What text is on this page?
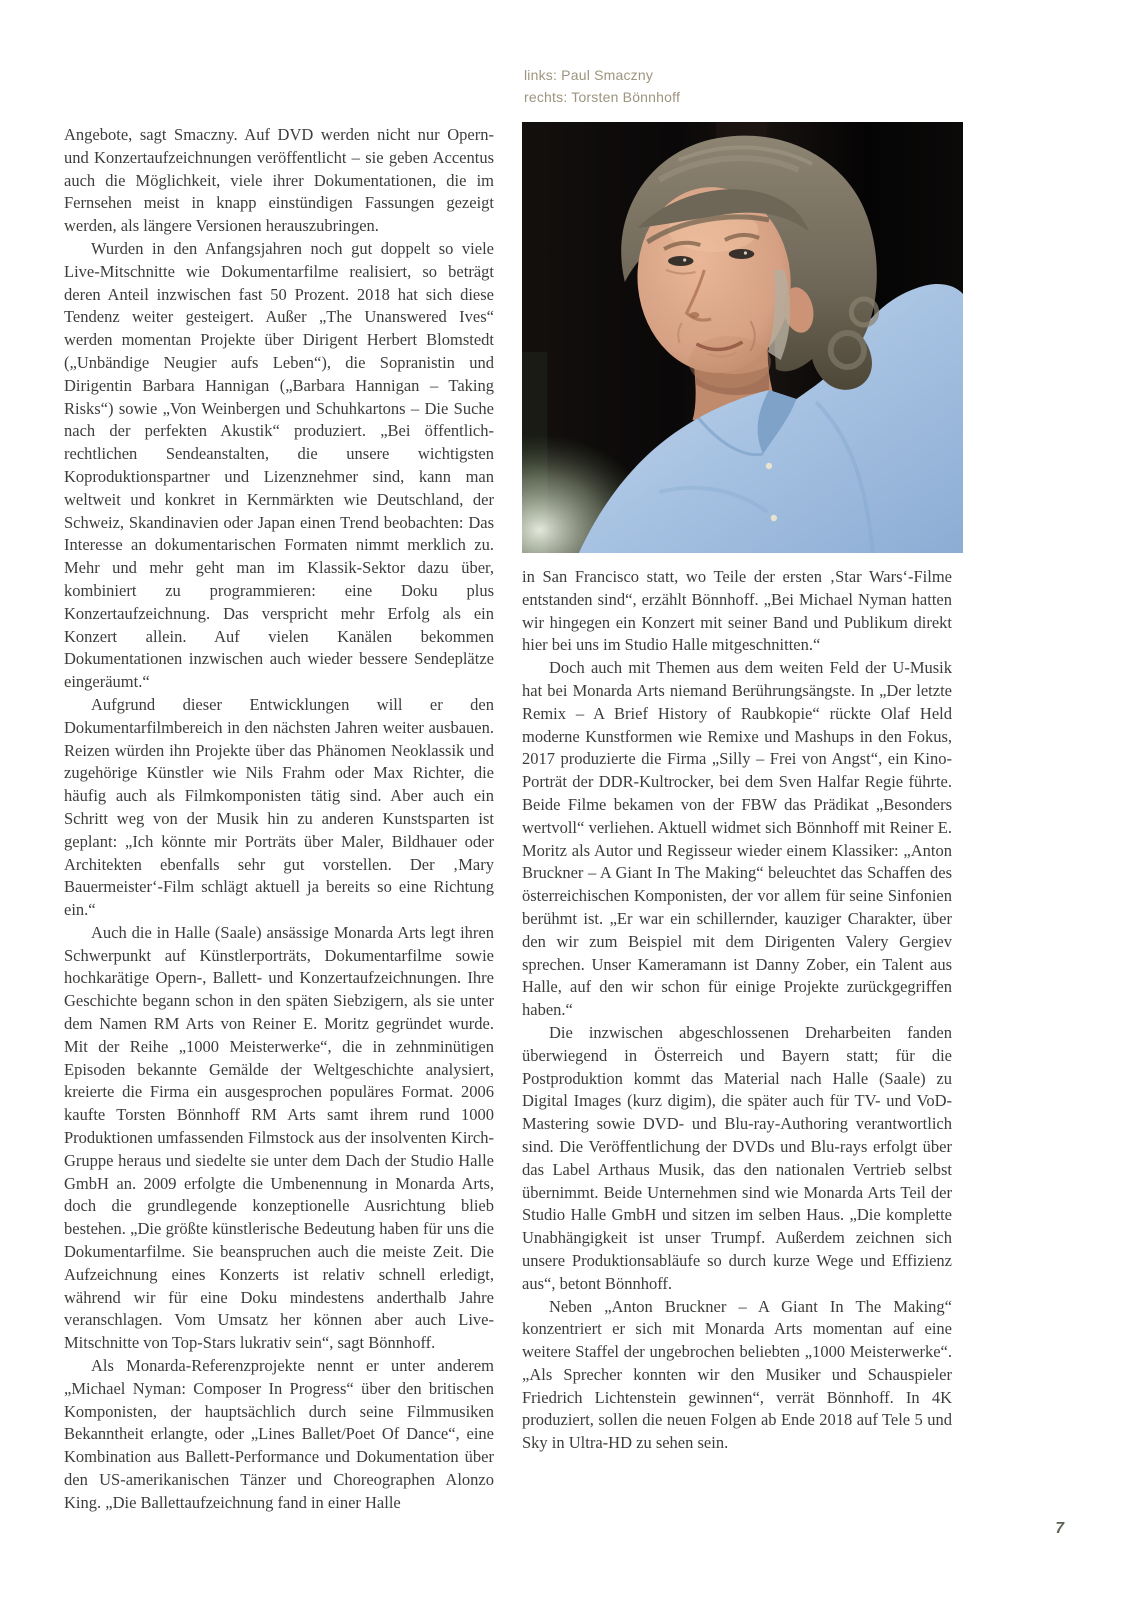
links: Paul Smaczny
rechts: Torsten Bönnhoff

Angebote, sagt Smaczny. Auf DVD werden nicht nur Opern- und Konzertaufzeichnungen veröffentlicht – sie geben Accentus auch die Möglichkeit, viele ihrer Dokumentationen, die im Fernsehen meist in knapp einstündigen Fassungen gezeigt werden, als längere Versionen herauszubringen.

Wurden in den Anfangsjahren noch gut doppelt so viele Live-Mitschnitte wie Dokumentarfilme realisiert, so beträgt deren Anteil inzwischen fast 50 Prozent. 2018 hat sich diese Tendenz weiter gesteigert. Außer „The Unanswered Ives“ werden momentan Projekte über Dirigent Herbert Blomstedt („Unbändige Neugier aufs Leben“), die Sopranistin und Dirigentin Barbara Hannigan („Barbara Hannigan – Taking Risks“) sowie „Von Weinbergen und Schuhkartons – Die Suche nach der perfekten Akustik“ produziert. „Bei öffentlich-rechtlichen Sendeanstalten, die unsere wichtigsten Koproduktionspartner und Lizenznehmer sind, kann man weltweit und konkret in Kernmärkten wie Deutschland, der Schweiz, Skandinavien oder Japan einen Trend beobachten: Das Interesse an dokumentarischen Formaten nimmt merklich zu. Mehr und mehr geht man im Klassik-Sektor dazu über, kombiniert zu programmieren: eine Doku plus Konzertaufzeichnung. Das verspricht mehr Erfolg als ein Konzert allein. Auf vielen Kanälen bekommen Dokumentationen inzwischen auch wieder bessere Sendeplätze eingeräumt.“

Aufgrund dieser Entwicklungen will er den Dokumentarfilmbereich in den nächsten Jahren weiter ausbauen. Reizen würden ihn Projekte über das Phänomen Neoklassik und zugehörige Künstler wie Nils Frahm oder Max Richter, die häufig auch als Filmkomponisten tätig sind. Aber auch ein Schritt weg von der Musik hin zu anderen Kunstsparten ist geplant: „Ich könnte mir Porträts über Maler, Bildhauer oder Architekten ebenfalls sehr gut vorstellen. Der ‚Mary Bauermeister‘-Film schlägt aktuell ja bereits so eine Richtung ein.“

Auch die in Halle (Saale) ansässige Monarda Arts legt ihren Schwerpunkt auf Künstlerporträts, Dokumentarfilme sowie hochkarätige Opern-, Ballett- und Konzertaufzeichnungen. Ihre Geschichte begann schon in den späten Siebzigern, als sie unter dem Namen RM Arts von Reiner E. Moritz gegründet wurde. Mit der Reihe „1000 Meisterwerke“, die in zehnminütigen Episoden bekannte Gemälde der Weltgeschichte analysiert, kreierte die Firma ein ausgesprochen populäres Format. 2006 kaufte Torsten Bönnhoff RM Arts samt ihrem rund 1000 Produktionen umfassenden Filmstock aus der insolventen Kirch-Gruppe heraus und siedelte sie unter dem Dach der Studio Halle GmbH an. 2009 erfolgte die Umbenennung in Monarda Arts, doch die grundlegende konzeptionelle Ausrichtung blieb bestehen. „Die größte künstlerische Bedeutung haben für uns die Dokumentarfilme. Sie beanspruchen auch die meiste Zeit. Die Aufzeichnung eines Konzerts ist relativ schnell erledigt, während wir für eine Doku mindestens anderthalb Jahre veranschlagen. Vom Umsatz her können aber auch Live-Mitschnitte von Top-Stars lukrativ sein“, sagt Bönnhoff.

Als Monarda-Referenzprojekte nennt er unter anderem „Michael Nyman: Composer In Progress“ über den britischen Komponisten, der hauptsächlich durch seine Filmmusiken Bekanntheit erlangte, oder „Lines Ballet/Poet Of Dance“, eine Kombination aus Ballett-Performance und Dokumentation über den US-amerikanischen Tänzer und Choreographen Alonzo King. „Die Ballettaufzeichnung fand in einer Halle

in San Francisco statt, wo Teile der ersten ‚Star Wars‘-Filme entstanden sind“, erzählt Bönnhoff. „Bei Michael Nyman hatten wir hingegen ein Konzert mit seiner Band und Publikum direkt hier bei uns im Studio Halle mitgeschnitten.“

Doch auch mit Themen aus dem weiten Feld der U-Musik hat bei Monarda Arts niemand Berührungsängste. In „Der letzte Remix – A Brief History of Raubkopie“ rückte Olaf Held moderne Kunstformen wie Remixe und Mashups in den Fokus, 2017 produzierte die Firma „Silly – Frei von Angst“, ein Kino-Porträt der DDR-Kultrocker, bei dem Sven Halfar Regie führte. Beide Filme bekamen von der FBW das Prädikat „Besonders wertvoll“ verliehen. Aktuell widmet sich Bönnhoff mit Reiner E. Moritz als Autor und Regisseur wieder einem Klassiker: „Anton Bruckner – A Giant In The Making“ beleuchtet das Schaffen des österreichischen Komponisten, der vor allem für seine Sinfonien berühmt ist. „Er war ein schillernder, kauziger Charakter, über den wir zum Beispiel mit dem Dirigenten Valery Gergiev sprechen. Unser Kameramann ist Danny Zober, ein Talent aus Halle, auf den wir schon für einige Projekte zurückgegriffen haben.“

Die inzwischen abgeschlossenen Dreharbeiten fanden überwiegend in Österreich und Bayern statt; für die Postproduktion kommt das Material nach Halle (Saale) zu Digital Images (kurz digim), die später auch für TV- und VoD-Mastering sowie DVD- und Blu-ray-Authoring verantwortlich sind. Die Veröffentlichung der DVDs und Blu-rays erfolgt über das Label Arthaus Musik, das den nationalen Vertrieb selbst übernimmt. Beide Unternehmen sind wie Monarda Arts Teil der Studio Halle GmbH und sitzen im selben Haus. „Die komplette Unabhängigkeit ist unser Trumpf. Außerdem zeichnen sich unsere Produktionsabläufe so durch kurze Wege und Effizienz aus“, betont Bönnhoff.

Neben „Anton Bruckner – A Giant In The Making“ konzentriert er sich mit Monarda Arts momentan auf eine weitere Staffel der ungebrochen beliebten „1000 Meisterwerke“. „Als Sprecher konnten wir den Musiker und Schauspieler Friedrich Lichtenstein gewinnen“, verrät Bönnhoff. In 4K produziert, sollen die neuen Folgen ab Ende 2018 auf Tele 5 und Sky in Ultra-HD zu sehen sein.

7
